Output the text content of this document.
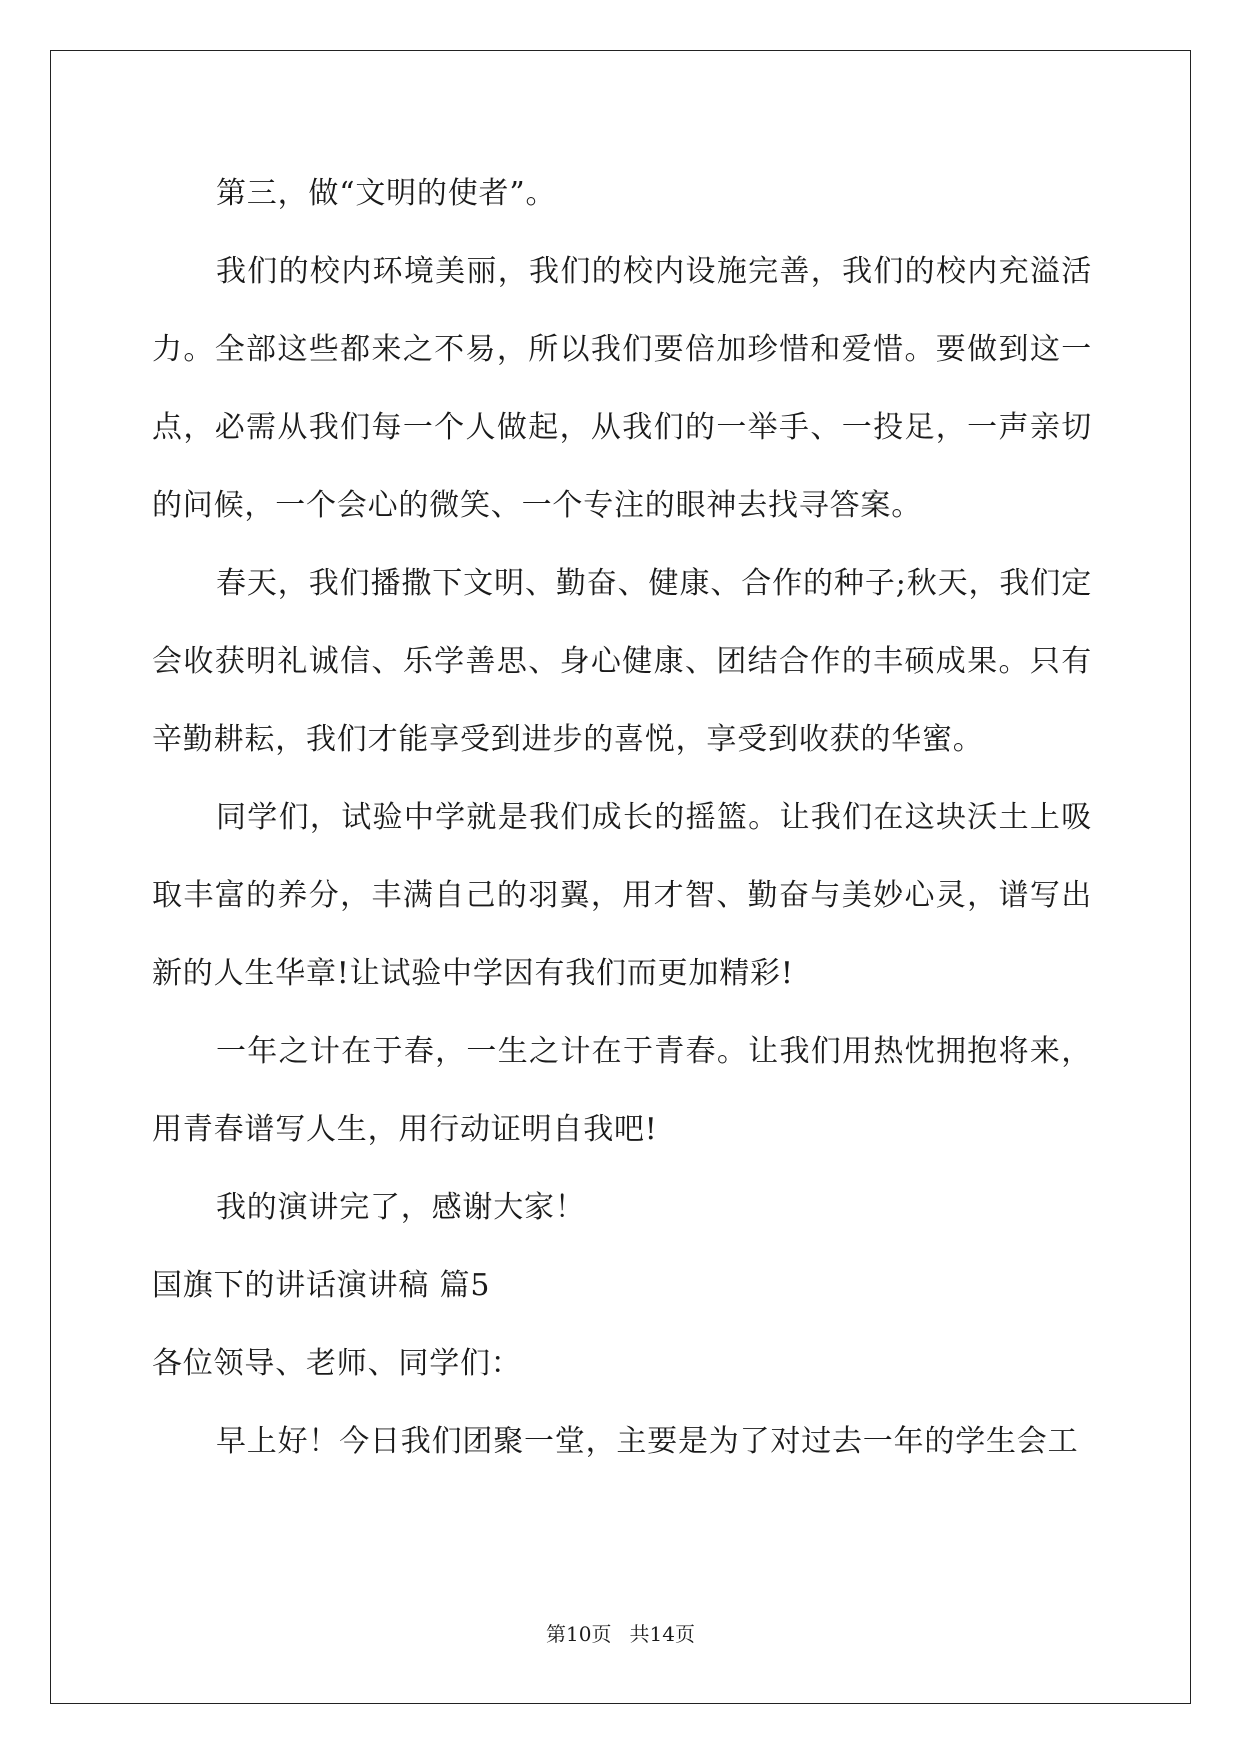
第三，做“文明的使者”。

我们的校内环境美丽，我们的校内设施完善，我们的校内充溢活力。全部这些都来之不易，所以我们要倍加珍惜和爱惜。要做到这一点，必需从我们每一个人做起，从我们的一举手、一投足，一声亲切的问候，一个会心的微笑、一个专注的眼神去找寻答案。

春天，我们播撒下文明、勤奋、健康、合作的种子;秋天，我们定会收获明礼诚信、乐学善思、身心健康、团结合作的丰硕成果。只有辛勤耕耘，我们才能享受到进步的喜悦，享受到收获的华蜜。

同学们，试验中学就是我们成长的摇篮。让我们在这块沃土上吸取丰富的养分，丰满自己的羽翼，用才智、勤奋与美妙心灵，谱写出新的人生华章!让试验中学因有我们而更加精彩!

一年之计在于春，一生之计在于青春。让我们用热忱拥抱将来，用青春谱写人生，用行动证明自我吧!

我的演讲完了，感谢大家！

国旗下的讲话演讲稿 篇5

各位领导、老师、同学们：

早上好！今日我们团聚一堂，主要是为了对过去一年的学生会工

第10页 共14页
